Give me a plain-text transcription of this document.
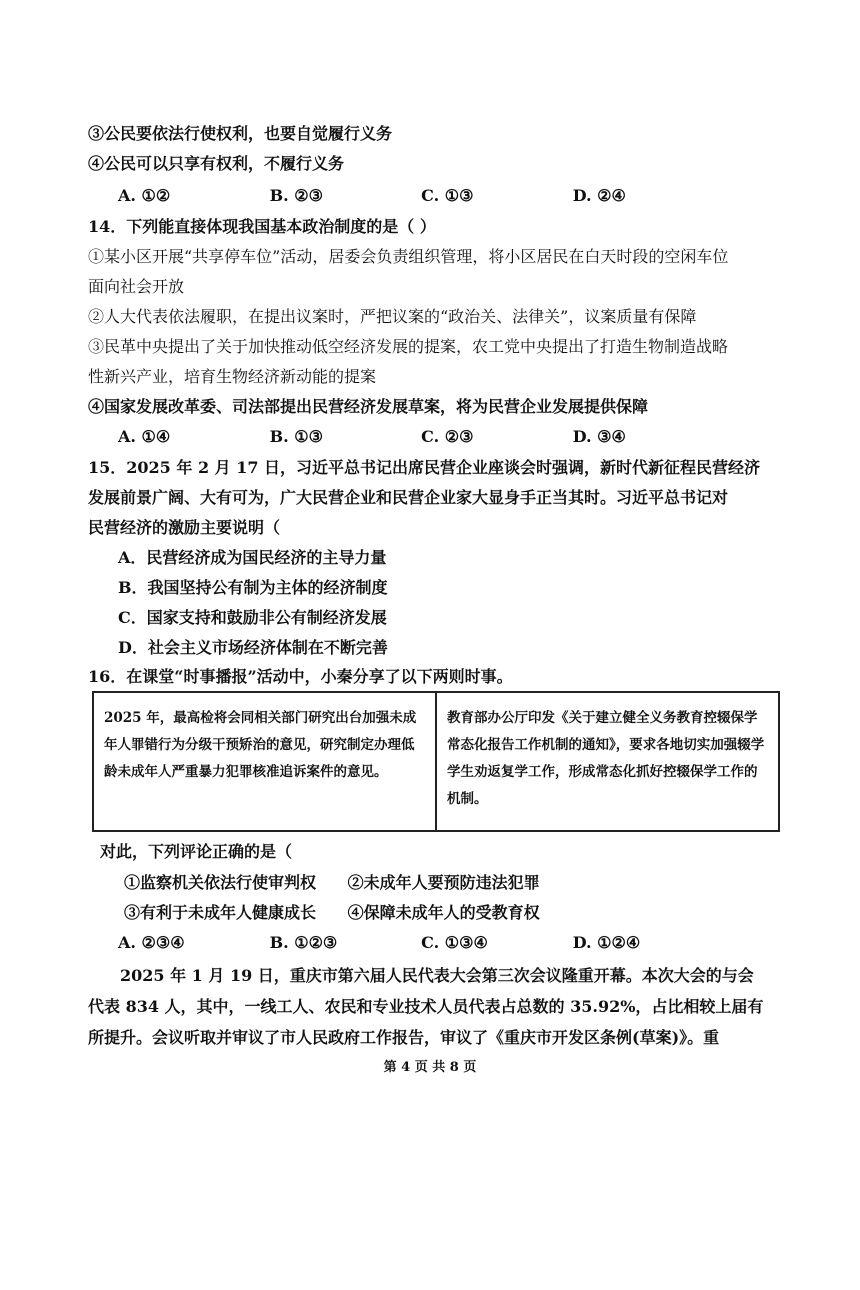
③公民要依法行使权利，也要自觉履行义务
④公民可以只享有权利，不履行义务
A. ①②	B. ②③	C. ①③	D. ②④
14．下列能直接体现我国基本政治制度的是（ ）
①某小区开展“共享停车位”活动，居委会负责组织管理，将小区居民在白天时段的空闲车位
面向社会开放
②人大代表依法履职，在提出议案时，严把议案的“政治关、法律关”，议案质量有保障
③民革中央提出了关于加快推动低空经济发展的提案，农工党中央提出了打造生物制造战略
性新兴产业，培育生物经济新动能的提案
④国家发展改革委、司法部提出民营经济发展草案，将为民营企业发展提供保障
A. ①④	B. ①③	C. ②③	D. ③④
15．2025 年 2 月 17 日，习近平总书记出席民营企业座谈会时强调，新时代新征程民营经济
发展前景广阔、大有可为，广大民营企业和民营企业家大显身手正当其时。习近平总书记对
民营经济的激励主要说明（
A．民营经济成为国民经济的主导力量
B．我国坚持公有制为主体的经济制度
C．国家支持和鼓励非公有制经济发展
D．社会主义市场经济体制在不断完善
16．在课堂“时事播报”活动中，小秦分享了以下两则时事。
2025 年，最高检将会同相关部门研究出台加强未成年人罪错行为分级干预矫治的意见，研究制定办理低龄未成年人严重暴力犯罪核准追诉案件的意见。
教育部办公厅印发《关于建立健全义务教育控辍保学常态化报告工作机制的通知》，要求各地切实加强辍学学生劝返复学工作，形成常态化抓好控辍保学工作的机制。
对此，下列评论正确的是（
①监察机关依法行使审判权 ②未成年人要预防违法犯罪
③有利于未成年人健康成长 ④保障未成年人的受教育权
A. ②③④	B. ①②③	C. ①③④	D. ①②④
2025 年 1 月 19 日，重庆市第六届人民代表大会第三次会议隆重开幕。本次大会的与会
代表 834 人，其中，一线工人、农民和专业技术人员代表占总数的 35.92%，占比相较上届有
所提升。会议听取并审议了市人民政府工作报告，审议了《重庆市开发区条例(草案)》。重
第 4 页 共 8 页
